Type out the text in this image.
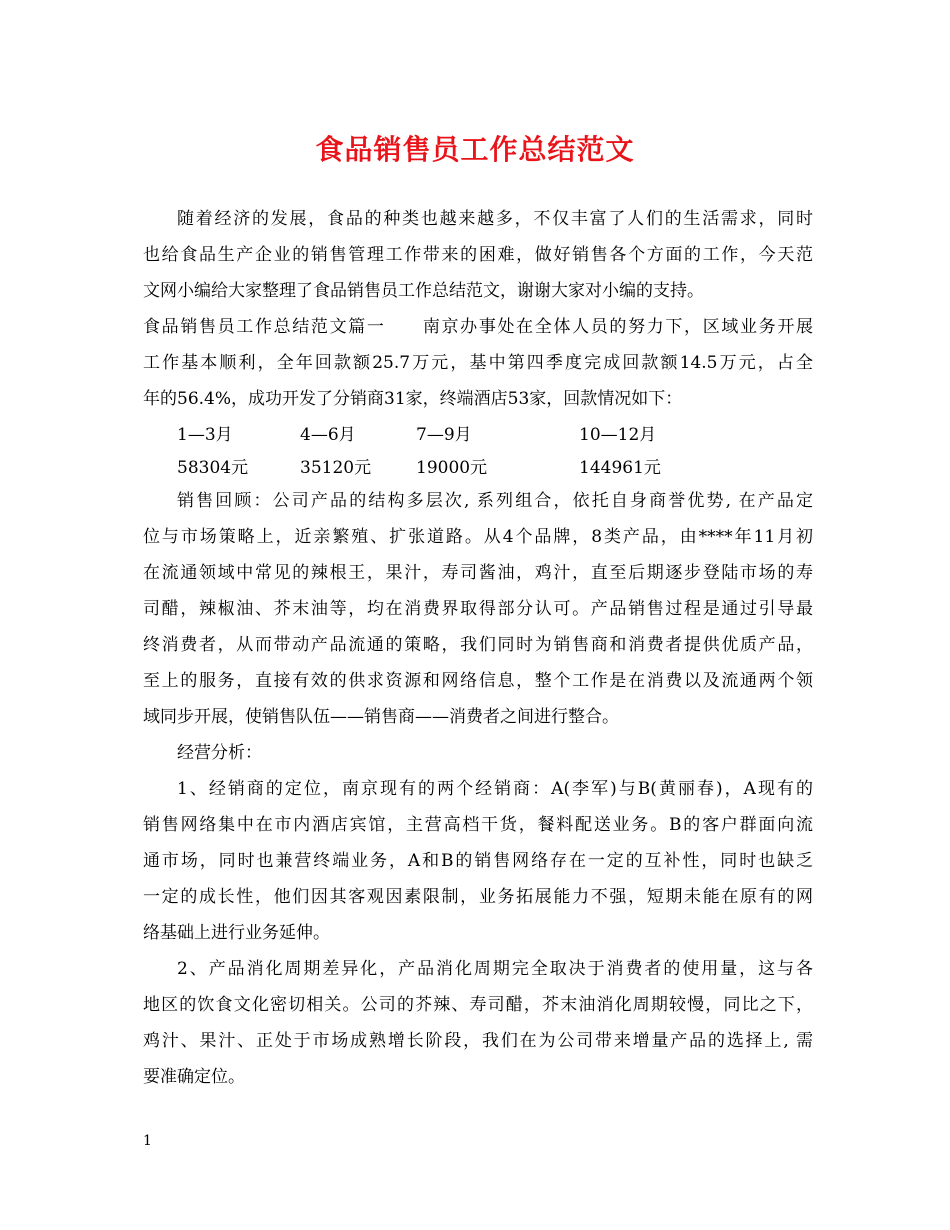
食品销售员工作总结范文
随着经济的发展，食品的种类也越来越多，不仅丰富了人们的生活需求，同时
也给食品生产企业的销售管理工作带来的困难，做好销售各个方面的工作，今天范
文网小编给大家整理了食品销售员工作总结范文，谢谢大家对小编的支持。
食品销售员工作总结范文篇一　　南京办事处在全体人员的努力下，区域业务开展
工作基本顺利，全年回款额25.7万元，基中第四季度完成回款额14.5万元，占全
年的56.4%，成功开发了分销商31家，终端酒店53家，回款情况如下：
1—3月	4—6月	7—9月	10—12月
58304元	35120元	19000元	144961元
销售回顾：公司产品的结构多层次, 系列组合，依托自身商誉优势, 在产品定
位与市场策略上，近亲繁殖、扩张道路。从4个品牌，8类产品，由****年11月初
在流通领域中常见的辣根王，果汁，寿司酱油，鸡汁，直至后期逐步登陆市场的寿
司醋，辣椒油、芥末油等，均在消费界取得部分认可。产品销售过程是通过引导最
终消费者，从而带动产品流通的策略，我们同时为销售商和消费者提供优质产品，
至上的服务，直接有效的供求资源和网络信息，整个工作是在消费以及流通两个领
域同步开展，使销售队伍——销售商——消费者之间进行整合。
经营分析：
1、经销商的定位，南京现有的两个经销商：A(李军)与B(黄丽春)，A现有的
销售网络集中在市内酒店宾馆，主营高档干货，餐料配送业务。B的客户群面向流
通市场，同时也兼营终端业务，A和B的销售网络存在一定的互补性，同时也缺乏
一定的成长性，他们因其客观因素限制，业务拓展能力不强，短期未能在原有的网
络基础上进行业务延伸。
2、产品消化周期差异化，产品消化周期完全取决于消费者的使用量，这与各
地区的饮食文化密切相关。公司的芥辣、寿司醋，芥末油消化周期较慢，同比之下，
鸡汁、果汁、正处于市场成熟增长阶段，我们在为公司带来增量产品的选择上, 需
要准确定位。
1
